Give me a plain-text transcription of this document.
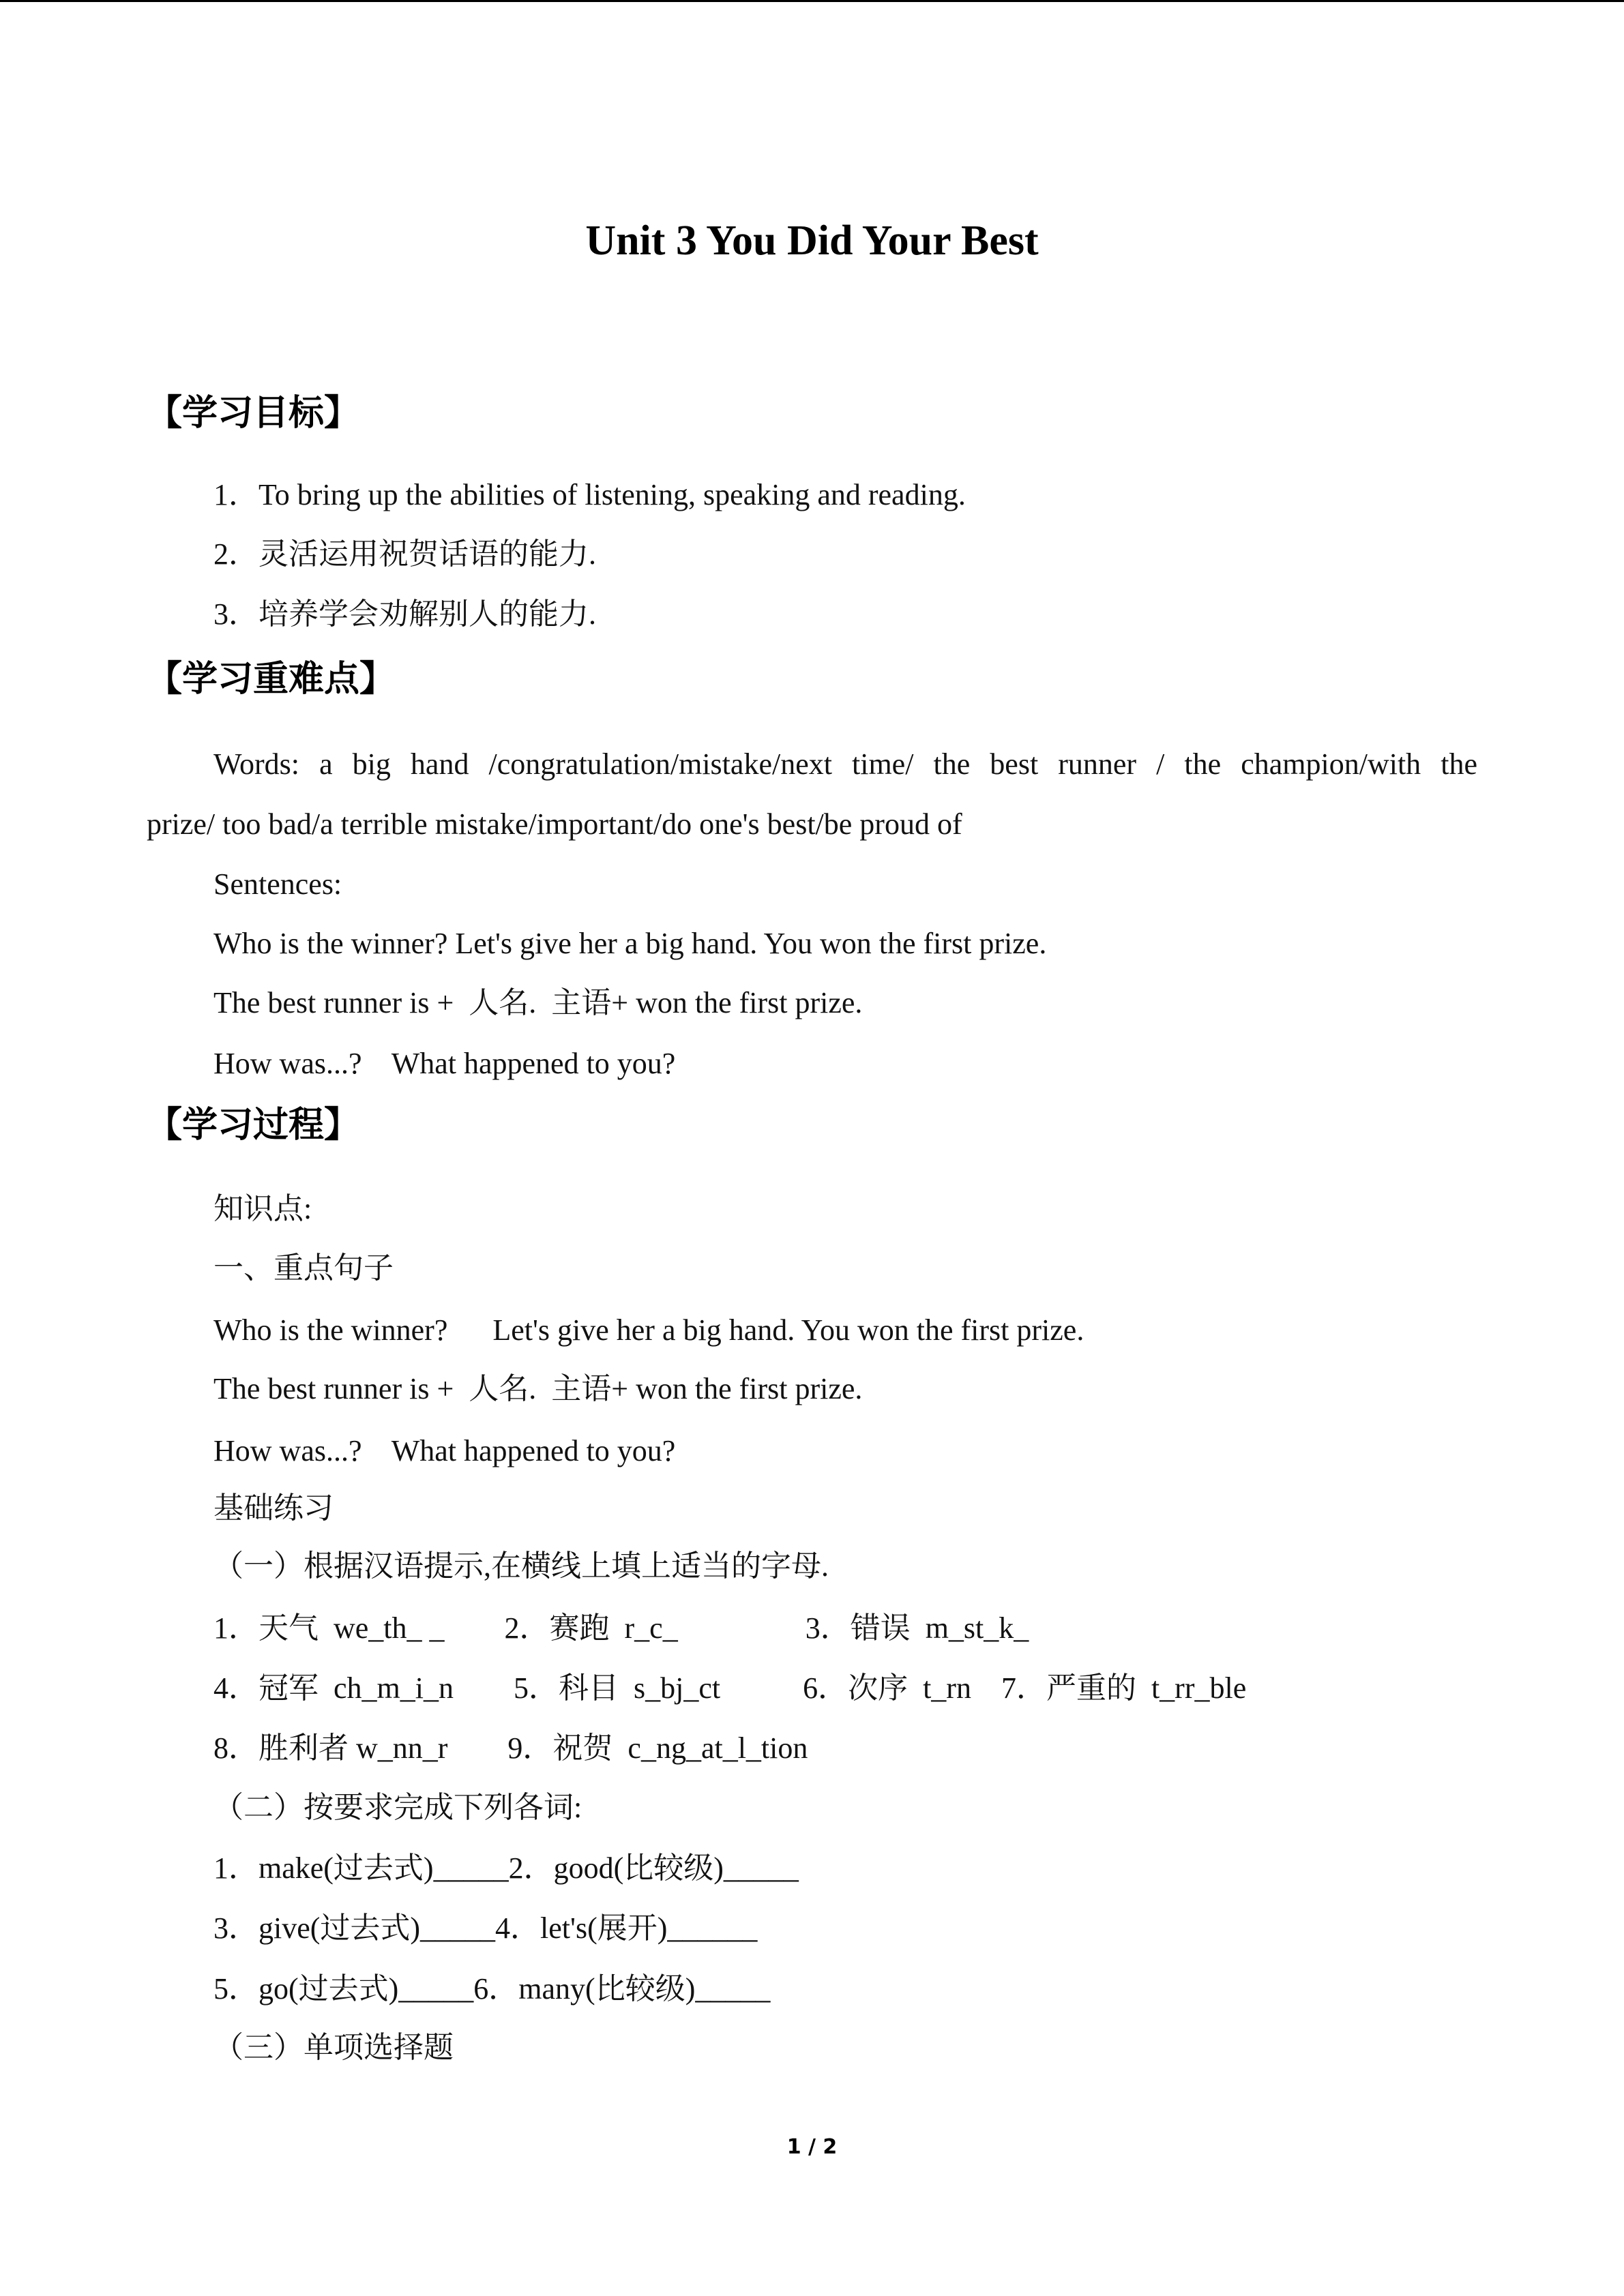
Unit 3 You Did Your Best
【学习目标】
1．To bring up the abilities of listening, speaking and reading.
2．灵活运用祝贺话语的能力.
3．培养学会劝解别人的能力.
【学习重难点】
Words: a big hand /congratulation/mistake/next time/ the best runner / the champion/with the
prize/ too bad/a terrible mistake/important/do one's best/be proud of
Sentences:
Who is the winner? Let's give her a big hand. You won the first prize.
The best runner is +  人名.  主语+ won the first prize.
How was...?    What happened to you?
【学习过程】
知识点:
一、重点句子
Who is the winner?      Let's give her a big hand. You won the first prize.
The best runner is +  人名.  主语+ won the first prize.
How was...?    What happened to you?
基础练习
（一）根据汉语提示,在横线上填上适当的字母.
1．天气  we_th_ _        2．赛跑  r_c_                 3．错误  m_st_k_
4．冠军  ch_m_i_n        5．科目  s_bj_ct           6．次序  t_rn    7．严重的  t_rr_ble
8．胜利者 w_nn_r        9．祝贺  c_ng_at_l_tion
（二）按要求完成下列各词:
1．make(过去式)_____2．good(比较级)_____
3．give(过去式)_____4．let's(展开)______
5．go(过去式)_____6．many(比较级)_____
（三）单项选择题
1 / 2
